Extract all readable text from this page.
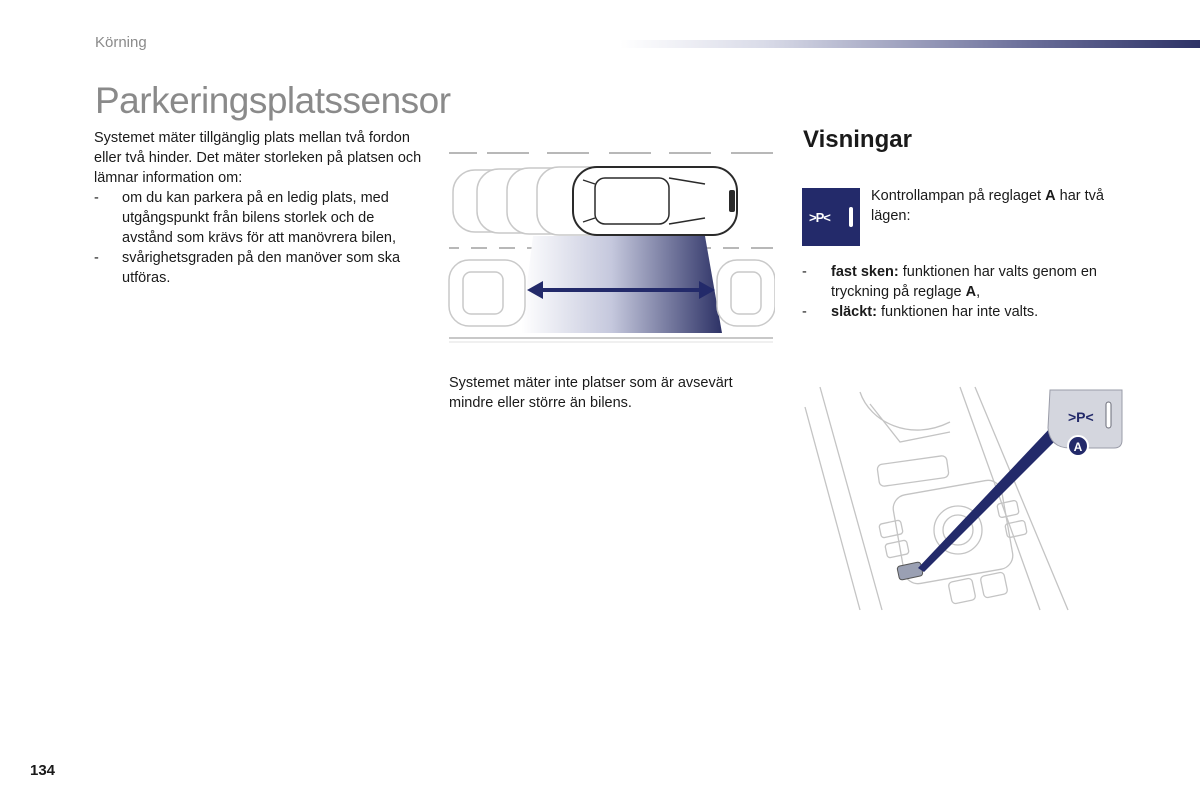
Körning
Parkeringsplatssensor
Systemet mäter tillgänglig plats mellan två fordon eller två hinder. Det mäter storleken på platsen och lämnar information om:
- om du kan parkera på en ledig plats, med utgångspunkt från bilens storlek och de avstånd som krävs för att manövrera bilen,
- svårighetsgraden på den manöver som ska utföras.
Systemet mäter inte platser som är avsevärt mindre eller större än bilens.
Visningar
>P<
Kontrollampan på reglaget A har två lägen:
- fast sken: funktionen har valts genom en tryckning på reglage A,
- släckt: funktionen har inte valts.
>P<
A
134
